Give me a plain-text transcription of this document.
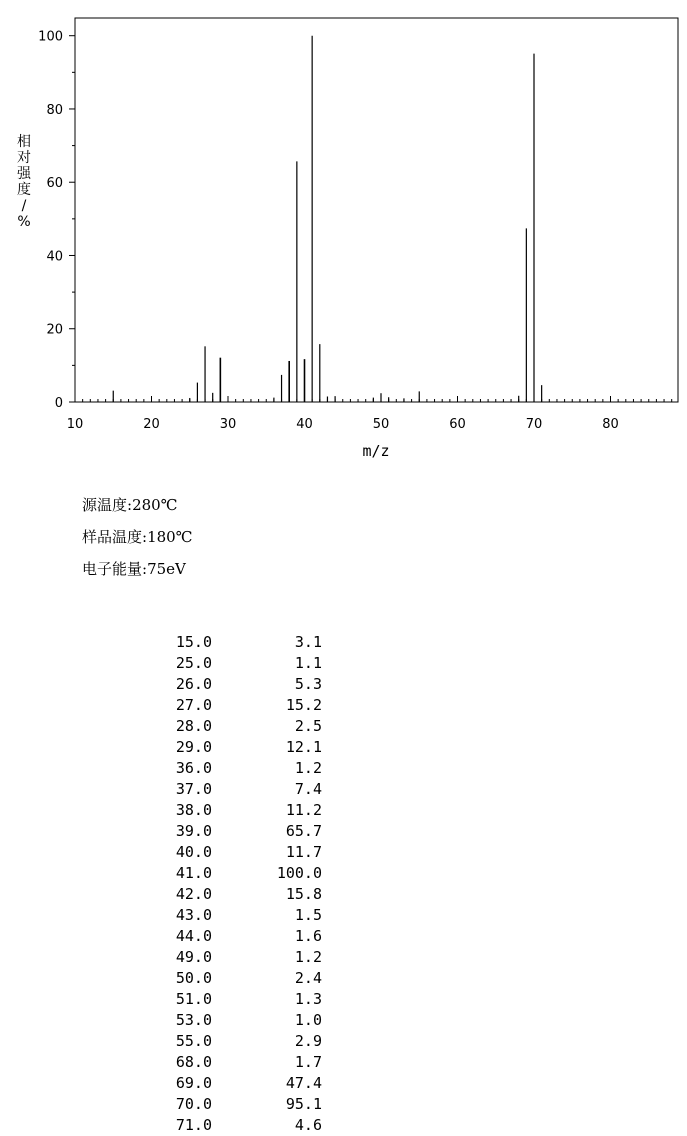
0
20
40
60
80
100
10	20	30	40	50	60	70	80
m/z
相对强度/ %
源温度:280℃
样品温度:180℃
电子能量:75eV
15.0	3.1
25.0	1.1
26.0	5.3
27.0	15.2
28.0	2.5
29.0	12.1
36.0	1.2
37.0	7.4
38.0	11.2
39.0	65.7
40.0	11.7
41.0	100.0
42.0	15.8
43.0	1.5
44.0	1.6
49.0	1.2
50.0	2.4
51.0	1.3
53.0	1.0
55.0	2.9
68.0	1.7
69.0	47.4
70.0	95.1
71.0	4.6
